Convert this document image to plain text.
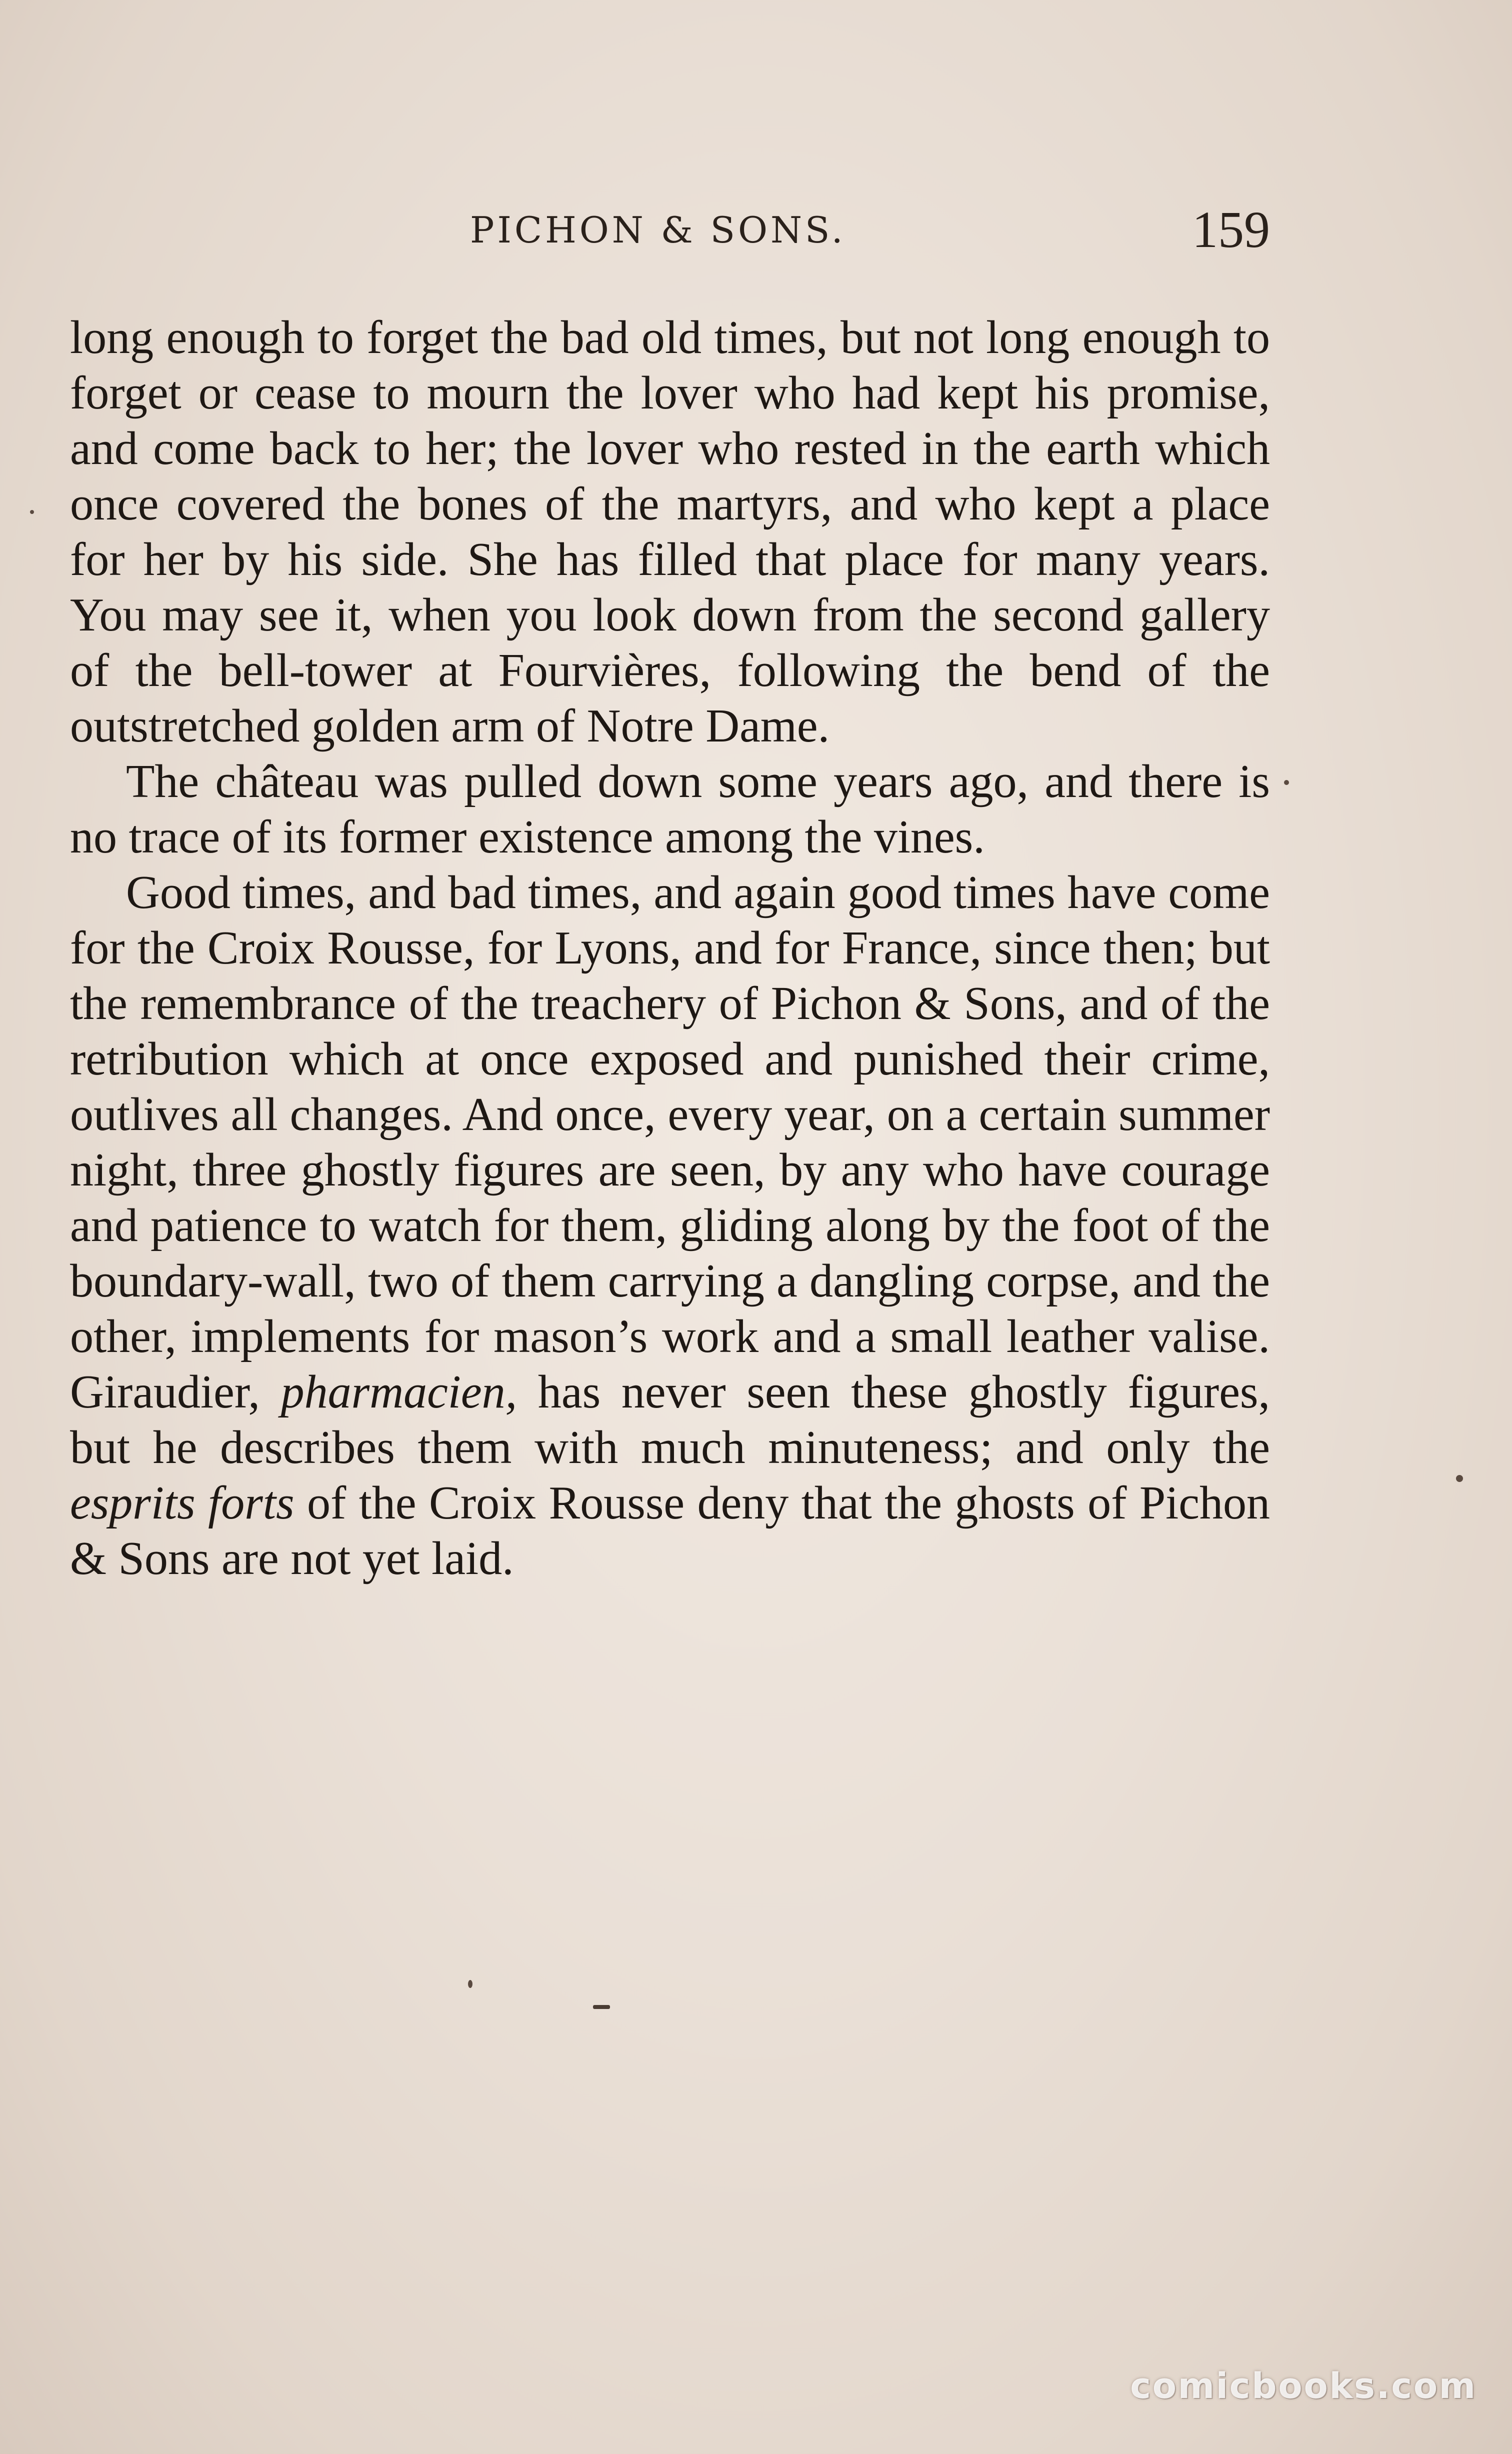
PICHON & SONS.	159

long enough to forget the bad old times, but not long enough to forget or cease to mourn the lover who had kept his promise, and come back to her; the lover who rested in the earth which once covered the bones of the martyrs, and who kept a place for her by his side. She has filled that place for many years. You may see it, when you look down from the second gallery of the bell-tower at Fourvières, following the bend of the outstretched golden arm of Notre Dame.

The château was pulled down some years ago, and there is no trace of its former existence among the vines.

Good times, and bad times, and again good times have come for the Croix Rousse, for Lyons, and for France, since then; but the remembrance of the treachery of Pichon & Sons, and of the retribution which at once exposed and punished their crime, outlives all changes. And once, every year, on a certain summer night, three ghostly figures are seen, by any who have courage and patience to watch for them, gliding along by the foot of the boundary-wall, two of them carrying a dangling corpse, and the other, implements for mason’s work and a small leather valise. Giraudier, pharmacien, has never seen these ghostly figures, but he describes them with much minuteness; and only the esprits forts of the Croix Rousse deny that the ghosts of Pichon & Sons are not yet laid.

comicbooks.com
